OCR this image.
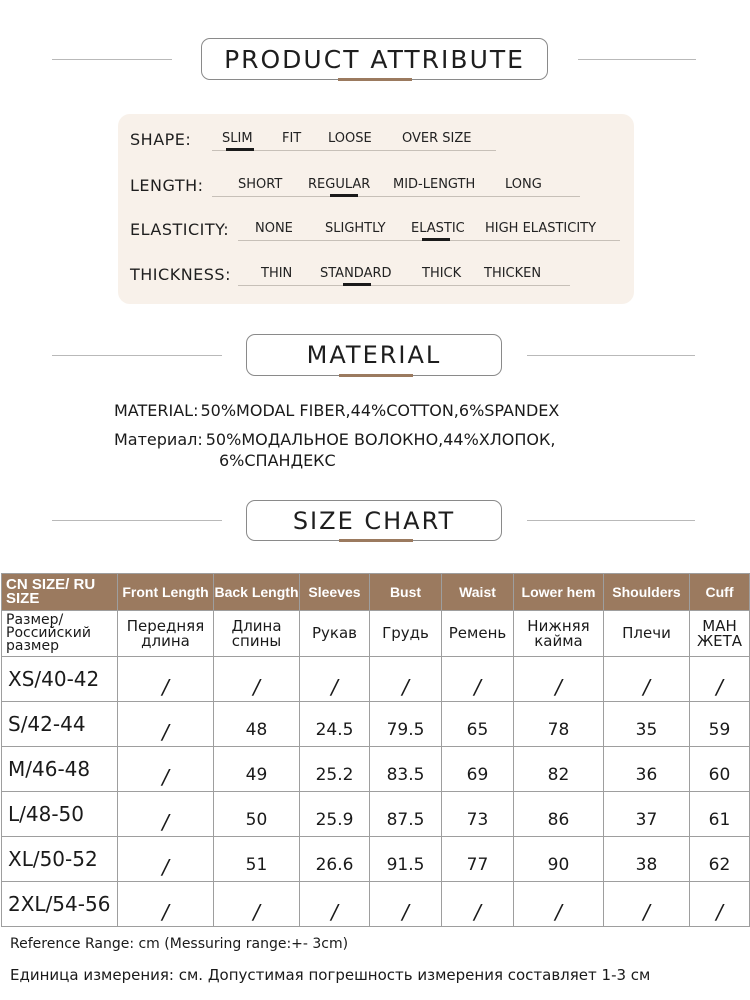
PRODUCT ATTRIBUTE
SHAPE: SLIM FIT LOOSE OVER SIZE
LENGTH:	SHORT REGULAR MID-LENGTH LONG
ELASTICITY: NONE SLIGHTLY ELASTIC HIGH ELASTICITY
THICKNESS: THIN STANDARD THICK THICKEN
MATERIAL
MATERIAL: 50%MODAL FIBER,44%COTTON,6%SPANDEX
Материал: 50%МОДАЛЬНОЕ ВОЛОКНО,44%ХЛОПОК,
6%СПАНДЕКС
SIZE CHART
CN SIZE/ RU SIZE	Front Length	Back Length	Sleeves	Bust	Waist	Lower hem	Shoulders	Cuff
Размер/ Российский размер	Передняя длина	Длина спины	Рукав	Грудь	Ремень	Нижняя кайма	Плечи	МАН ЖЕТА
XS/40-42	/	/	/	/	/	/	/	/
S/42-44	/	48	24.5	79.5	65	78	35	59
M/46-48	/	49	25.2	83.5	69	82	36	60
L/48-50	/	50	25.9	87.5	73	86	37	61
XL/50-52	/	51	26.6	91.5	77	90	38	62
2XL/54-56	/	/	/	/	/	/	/	/
Reference Range: cm (Messuring range:+- 3cm)
Единица измерения: см. Допустимая погрешность измерения составляет 1-3 см
